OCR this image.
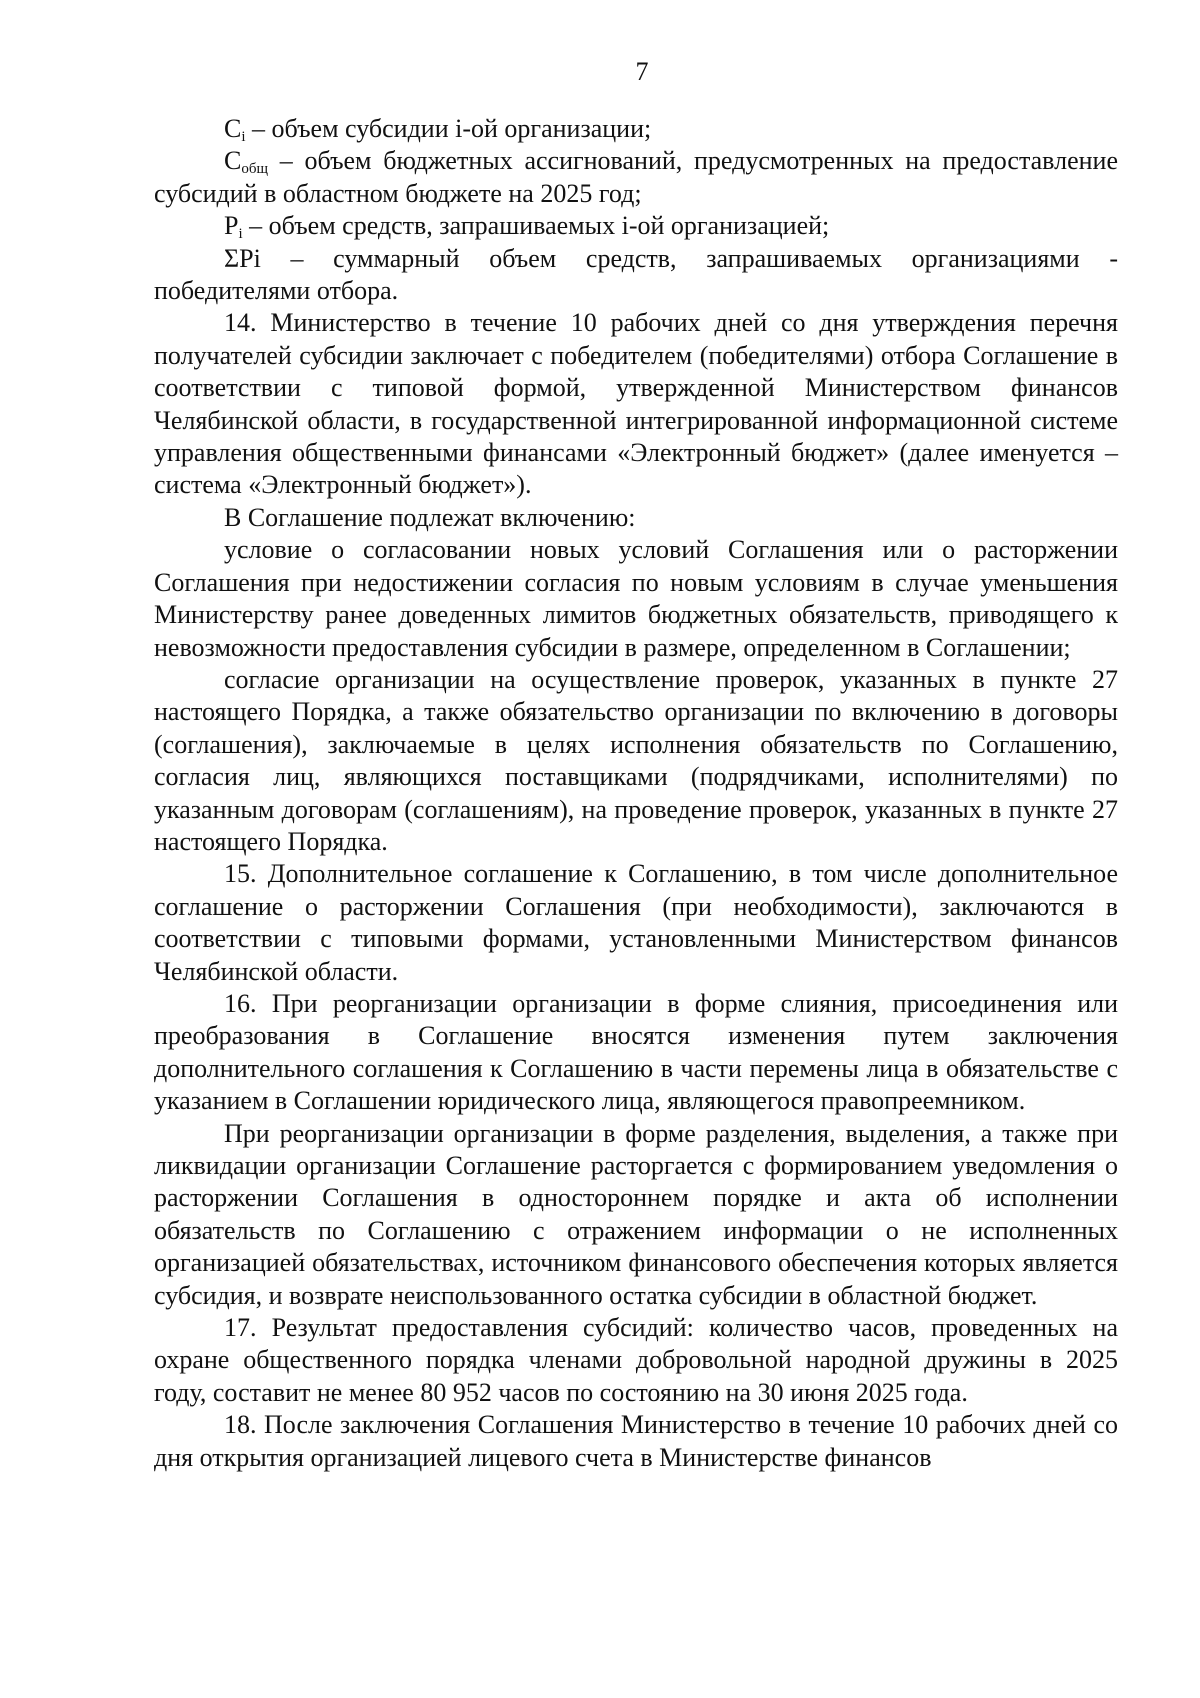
7

$C_i$ – объем субсидии i-ой организации;

$C_{общ}$ – объем бюджетных ассигнований, предусмотренных на предоставление субсидий в областном бюджете на 2025 год;

$P_i$ – объем средств, запрашиваемых i-ой организацией;

ΣPi – суммарный объем средств, запрашиваемых организациями - победителями отбора.

14. Министерство в течение 10 рабочих дней со дня утверждения перечня получателей субсидии заключает с победителем (победителями) отбора Соглашение в соответствии с типовой формой, утвержденной Министерством финансов Челябинской области, в государственной интегрированной информационной системе управления общественными финансами «Электронный бюджет» (далее именуется – система «Электронный бюджет»).

В Соглашение подлежат включению:

условие о согласовании новых условий Соглашения или о расторжении Соглашения при недостижении согласия по новым условиям в случае уменьшения Министерству ранее доведенных лимитов бюджетных обязательств, приводящего к невозможности предоставления субсидии в размере, определенном в Соглашении;

согласие организации на осуществление проверок, указанных в пункте 27 настоящего Порядка, а также обязательство организации по включению в договоры (соглашения), заключаемые в целях исполнения обязательств по Соглашению, согласия лиц, являющихся поставщиками (подрядчиками, исполнителями) по указанным договорам (соглашениям), на проведение проверок, указанных в пункте 27 настоящего Порядка.

15. Дополнительное соглашение к Соглашению, в том числе дополнительное соглашение о расторжении Соглашения (при необходимости), заключаются в соответствии с типовыми формами, установленными Министерством финансов Челябинской области.

16. При реорганизации организации в форме слияния, присоединения или преобразования в Соглашение вносятся изменения путем заключения дополнительного соглашения к Соглашению в части перемены лица в обязательстве с указанием в Соглашении юридического лица, являющегося правопреемником.

При реорганизации организации в форме разделения, выделения, а также при ликвидации организации Соглашение расторгается с формированием уведомления о расторжении Соглашения в одностороннем порядке и акта об исполнении обязательств по Соглашению с отражением информации о не исполненных организацией обязательствах, источником финансового обеспечения которых является субсидия, и возврате неиспользованного остатка субсидии в областной бюджет.

17. Результат предоставления субсидий: количество часов, проведенных на охране общественного порядка членами добровольной народной дружины в 2025 году, составит не менее 80 952 часов по состоянию на 30 июня 2025 года.

18. После заключения Соглашения Министерство в течение 10 рабочих дней со дня открытия организацией лицевого счета в Министерстве финансов
